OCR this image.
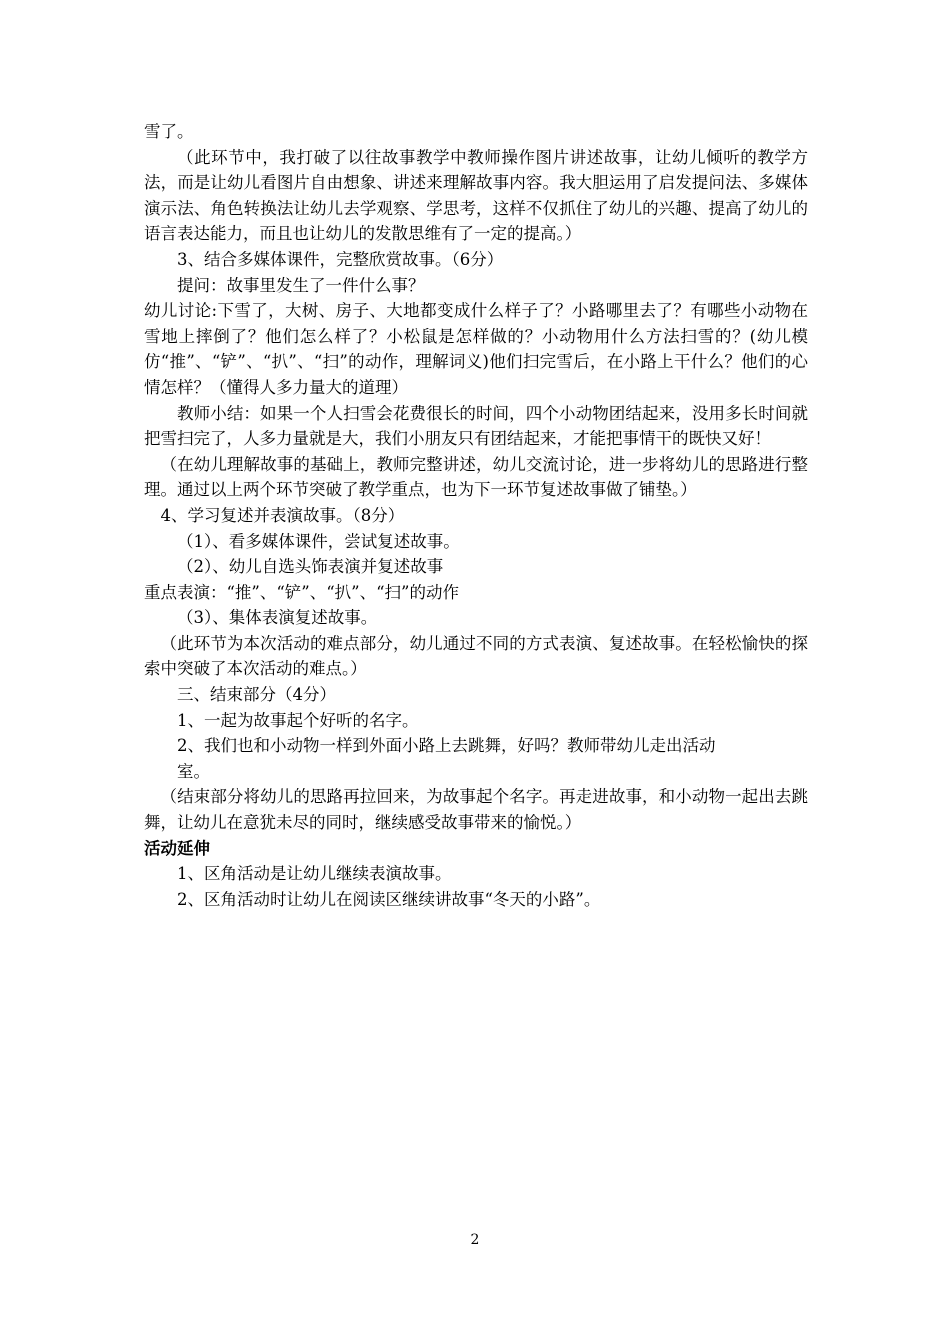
雪了。

（此环节中，我打破了以往故事教学中教师操作图片讲述故事，让幼儿倾听的教学方法，而是让幼儿看图片自由想象、讲述来理解故事内容。我大胆运用了启发提问法、多媒体演示法、角色转换法让幼儿去学观察、学思考，这样不仅抓住了幼儿的兴趣、提高了幼儿的语言表达能力，而且也让幼儿的发散思维有了一定的提高。）

3、结合多媒体课件，完整欣赏故事。（6分）

提问：故事里发生了一件什么事？

幼儿讨论:下雪了，大树、房子、大地都变成什么样子了？小路哪里去了？有哪些小动物在雪地上摔倒了？他们怎么样了？小松鼠是怎样做的？小动物用什么方法扫雪的？(幼儿模仿“推”、“铲”、“扒”、“扫”的动作，理解词义)他们扫完雪后，在小路上干什么？他们的心情怎样？（懂得人多力量大的道理）

教师小结：如果一个人扫雪会花费很长的时间，四个小动物团结起来，没用多长时间就把雪扫完了，人多力量就是大，我们小朋友只有团结起来，才能把事情干的既快又好！

（在幼儿理解故事的基础上，教师完整讲述，幼儿交流讨论，进一步将幼儿的思路进行整理。通过以上两个环节突破了教学重点，也为下一环节复述故事做了铺垫。）

4、学习复述并表演故事。（8分）

（1）、看多媒体课件，尝试复述故事。

（2）、幼儿自选头饰表演并复述故事

重点表演：“推”、“铲”、“扒”、“扫”的动作

（3）、集体表演复述故事。

（此环节为本次活动的难点部分，幼儿通过不同的方式表演、复述故事。在轻松愉快的探索中突破了本次活动的难点。）

三、结束部分（4分）

1、一起为故事起个好听的名字。

2、我们也和小动物一样到外面小路上去跳舞，好吗？教师带幼儿走出活动
室。

（结束部分将幼儿的思路再拉回来，为故事起个名字。再走进故事，和小动物一起出去跳舞，让幼儿在意犹未尽的同时，继续感受故事带来的愉悦。）

活动延伸

1、区角活动是让幼儿继续表演故事。

2、区角活动时让幼儿在阅读区继续讲故事“冬天的小路”。

2
